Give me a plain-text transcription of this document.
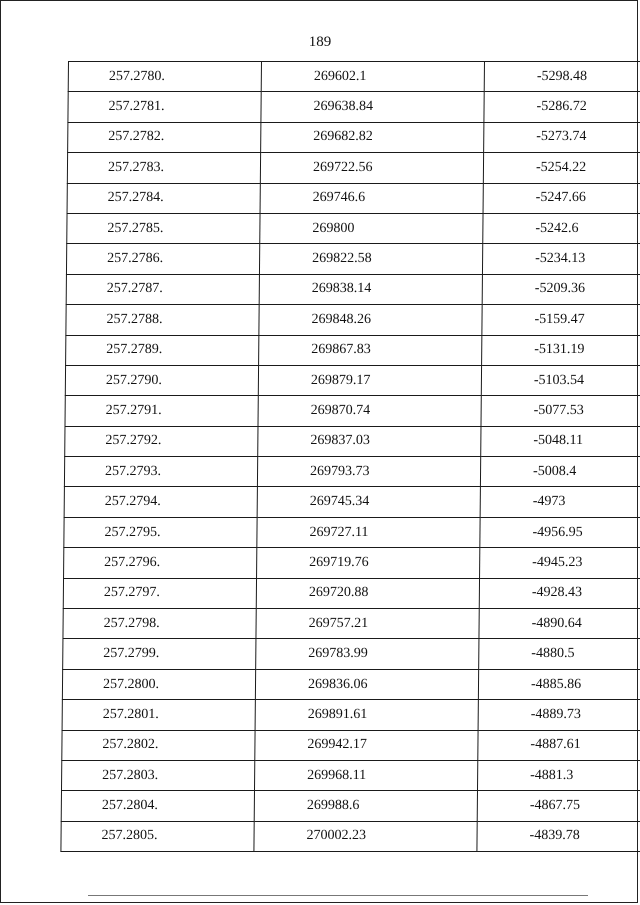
189
257.2780.	269602.1	-5298.48
257.2781.	269638.84	-5286.72
257.2782.	269682.82	-5273.74
257.2783.	269722.56	-5254.22
257.2784.	269746.6	-5247.66
257.2785.	269800	-5242.6
257.2786.	269822.58	-5234.13
257.2787.	269838.14	-5209.36
257.2788.	269848.26	-5159.47
257.2789.	269867.83	-5131.19
257.2790.	269879.17	-5103.54
257.2791.	269870.74	-5077.53
257.2792.	269837.03	-5048.11
257.2793.	269793.73	-5008.4
257.2794.	269745.34	-4973
257.2795.	269727.11	-4956.95
257.2796.	269719.76	-4945.23
257.2797.	269720.88	-4928.43
257.2798.	269757.21	-4890.64
257.2799.	269783.99	-4880.5
257.2800.	269836.06	-4885.86
257.2801.	269891.61	-4889.73
257.2802.	269942.17	-4887.61
257.2803.	269968.11	-4881.3
257.2804.	269988.6	-4867.75
257.2805.	270002.23	-4839.78
